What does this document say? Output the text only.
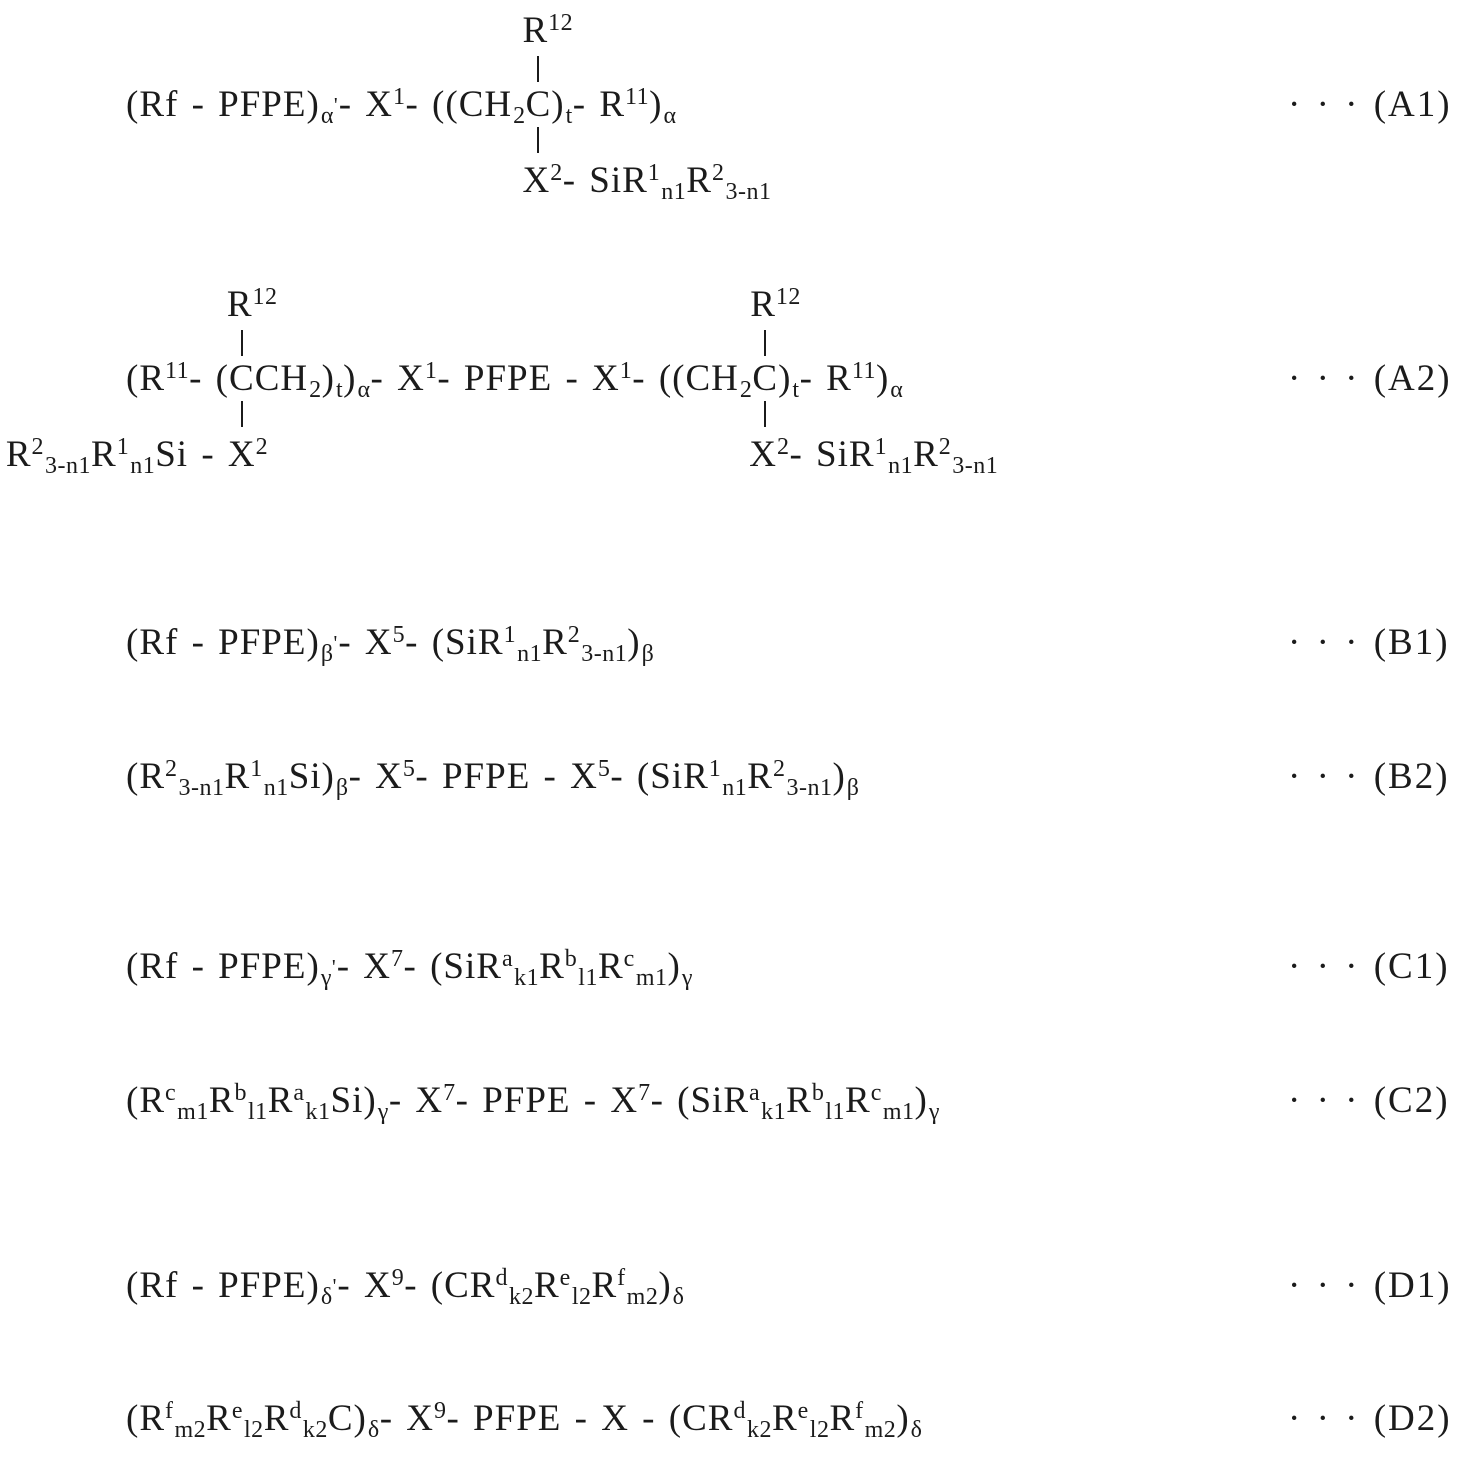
(Rf - PFPE)α'- X1- ((CH2C)t- R11)α	· · · (A1)
R12
X2- SiR1n1R23-n1
(R11- (CCH2)t)α- X1- PFPE - X1- ((CH2C)t- R11)α	· · · (A2)
R12
R23-n1R1n1Si - X2
R12
X2- SiR1n1R23-n1
(Rf - PFPE)β'- X5- (SiR1n1R23-n1)β	· · · (B1)
(R23-n1R1n1Si)β- X5- PFPE - X5- (SiR1n1R23-n1)β	· · · (B2)
(Rf - PFPE)γ'- X7- (SiRak1Rbl1Rcm1)γ	· · · (C1)
(Rcm1Rbl1Rak1Si)γ- X7- PFPE - X7- (SiRak1Rbl1Rcm1)γ	· · · (C2)
(Rf - PFPE)δ'- X9- (CRdk2Rel2Rfm2)δ	· · · (D1)
(Rfm2Rel2Rdk2C)δ- X9- PFPE - X - (CRdk2Rel2Rfm2)δ	· · · (D2)
